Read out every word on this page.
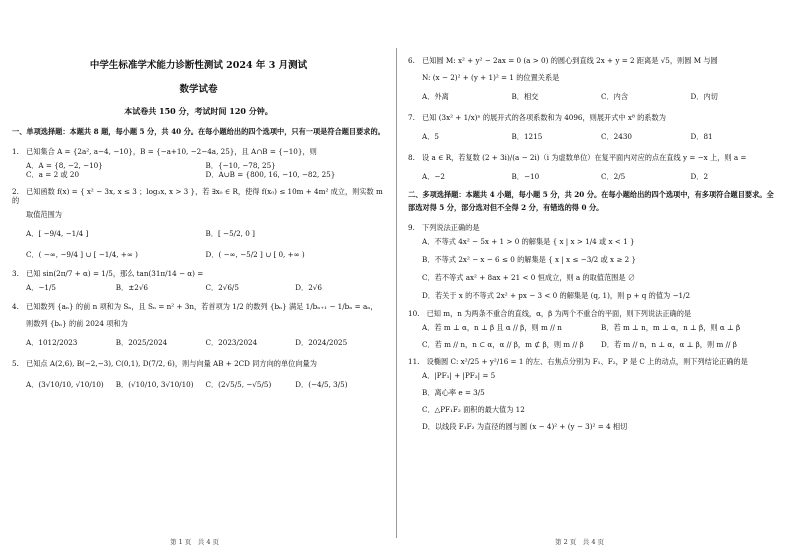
中学生标准学术能力诊断性测试 2024 年 3 月测试
数学试卷
本试卷共 150 分，考试时间 120 分钟。
一、单项选择题：本题共 8 题，每小题 5 分，共 40 分。在每小题给出的四个选项中，只有一项是符合题目要求的。
1.　已知集合 A = {2a², a−4, −10}，B = {−a+10, −2−4a, 25}，且 A∩B = {−10}，则
A．A = {8, −2, −10}	B．{−10, −78, 25}
C．a = 2 或 20	D．A∪B = {800, 16, −10, −82, 25}
2.　已知函数 f(x) = { x² − 3x, x ≤ 3 ；log₃x, x > 3 }，若 ∃x₀ ∈ R，使得 f(x₀) ≤ 10m + 4m² 成立，则实数 m 的
取值范围为
A．[ −9/4, −1/4 ]	B．[ −5/2, 0 ]
C．( −∞, −9/4 ] ∪ [ −1/4, +∞ )	D．( −∞, −5/2 ] ∪ [ 0, +∞ )
3.　已知 sin(2π/7 + α) = 1/5，那么 tan(31π/14 − α) =
A．−1/5	B．±2√6	C．2√6/5	D．2√6
4.　已知数列 {aₙ} 的前 n 项和为 Sₙ，且 Sₙ = n² + 3n，若首项为 1/2 的数列 {bₙ} 满足 1/bₙ₊₁ − 1/bₙ = aₙ，
则数列 {bₙ} 的前 2024 项和为
A．1012/2023	B．2025/2024	C．2023/2024	D．2024/2025
5.　已知点 A(2,6), B(−2,−3), C(0,1), D(7/2, 6)，则与向量 AB + 2CD 同方向的单位向量为
A．(3√10/10, √10/10)	B．(√10/10, 3√10/10)	C．(2√5/5, −√5/5)	D．(−4/5, 3/5)
6.　已知圆 M: x² + y² − 2ax = 0 (a > 0) 的圆心到直线 2x + y = 2 距离是 √5，则圆 M 与圆
N: (x − 2)² + (y + 1)² = 1 的位置关系是
A．外离	B．相交	C．内含	D．内切
7.　已知 (3x² + 1/x)ⁿ 的展开式的各项系数和为 4096，则展开式中 x⁸ 的系数为
A．5	B．1215	C．2430	D．81
8.　设 a ∈ R，若复数 (2 + 3i)/(a − 2i)（i 为虚数单位）在复平面内对应的点在直线 y = −x 上，则 a =
A．−2	B．−10	C．2/5	D．2
二、多项选择题：本题共 4 小题，每小题 5 分，共 20 分。在每小题给出的四个选项中，有多项符合题目要求。全部选对得 5 分，部分选对但不全得 2 分，有错选的得 0 分。
9.　下列说法正确的是
A．不等式 4x² − 5x + 1 > 0 的解集是 { x | x > 1/4 或 x < 1 }
B．不等式 2x² − x − 6 ≤ 0 的解集是 { x | x ≤ −3/2 或 x ≥ 2 }
C．若不等式 ax² + 8ax + 21 < 0 恒成立，则 a 的取值范围是 ∅
D．若关于 x 的不等式 2x² + px − 3 < 0 的解集是 (q, 1)，则 p + q 的值为 −1/2
10.　已知 m，n 为两条不重合的直线，α，β 为两个不重合的平面，则下列说法正确的是
A．若 m ⊥ α，n ⊥ β 且 α // β，则 m // n	B．若 m ⊥ n，m ⊥ α，n ⊥ β，则 α ⊥ β
C．若 m // n，n ⊂ α，α // β，m ⊄ β，则 m // β	D．若 m // n，n ⊥ α，α ⊥ β，则 m // β
11.　设椭圆 C: x²/25 + y²/16 = 1 的左、右焦点分别为 F₁、F₂，P 是 C 上的动点，则下列结论正确的是
A．|PF₁| + |PF₂| = 5
B．离心率 e = 3/5
C．△PF₁F₂ 面积的最大值为 12
D．以线段 F₁F₂ 为直径的圆与圆 (x − 4)² + (y − 3)² = 4 相切
第 1 页　共 4 页	第 2 页　共 4 页
